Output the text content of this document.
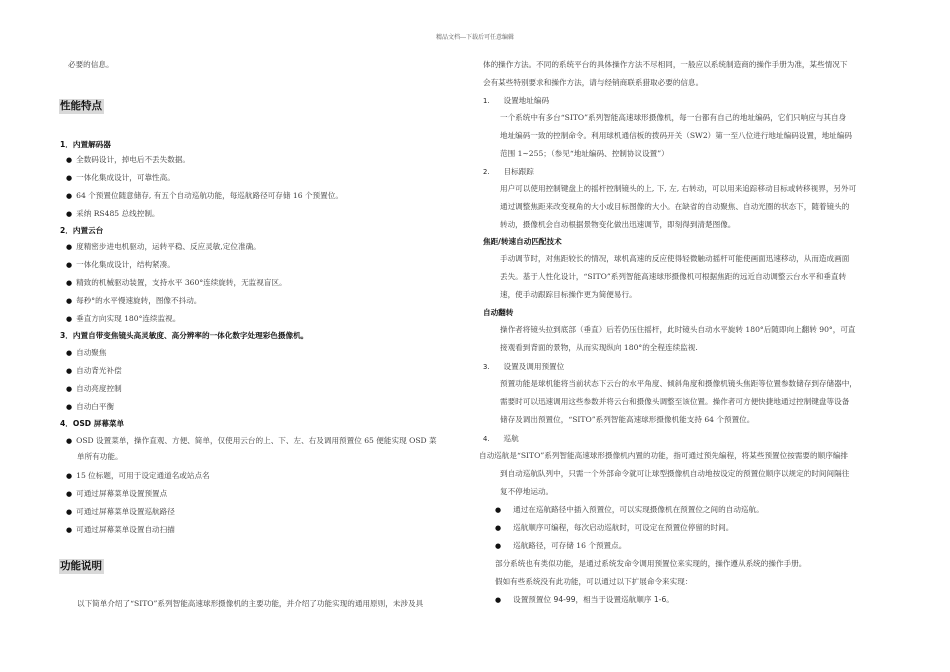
精品文档---下载后可任意编辑
必要的信息。
性能特点
1．内置解码器
● 全数码设计，掉电后不丢失数据。
● 一体化集成设计，可靠性高。
● 64 个预置位随意储存, 有五个自动巡航功能，每巡航路径可存储 16 个预置位。
● 采纳 RS485 总线控制。
2．内置云台
● 度精密步进电机驱动，运转平稳、反应灵敏,定位准确。
● 一体化集成设计，结构紧凑。
● 精致的机械驱动装置，支持水平 360°连续旋转，无监视盲区。
● 每秒°的水平慢速旋转，图像不抖动。
● 垂直方向实现 180°连续监视。
3．内置自带变焦镜头高灵敏度、高分辨率的一体化数字处理彩色摄像机。
● 自动聚焦
● 自动背光补偿
● 自动亮度控制
● 自动白平衡
4．OSD 屏幕菜单
● OSD 设置菜单，操作直观、方便、简单，仅使用云台的上、下、左、右及调用预置位 65 便能实现 OSD 菜
单所有功能。
● 15 位标题，可用于设定通道名或站点名
● 可通过屏幕菜单设置预置点
● 可通过屏幕菜单设置巡航路径
● 可通过屏幕菜单设置自动扫描
功能说明
以下简单介绍了“SITO”系列智能高速球形摄像机的主要功能，并介绍了功能实现的通用原则，未涉及具
体的操作方法。不同的系统平台的具体操作方法不尽相同，一般应以系统制造商的操作手册为准，某些情况下
会有某些特别要求和操作方法，请与经销商联系猎取必要的信息。
1. 设置地址编码
一个系统中有多台“SITO”系列智能高速球形摄像机，每一台都有自己的地址编码，它们只响应与其自身
地址编码一致的控制命令。利用球机通信板的拨码开关（SW2）第一至八位进行地址编码设置，地址编码
范围 1~255；（参见“地址编码、控制协议设置”）
2. 目标跟踪
用户可以使用控制键盘上的摇杆控制镜头的上, 下, 左, 右转动，可以用来追踪移动目标或转移视界，另外可
通过调整焦距来改变视角的大小或目标图像的大小。在缺省的自动聚焦、自动光圈的状态下，随着镜头的
转动，摄像机会自动根据景物变化做出迅速调节，即刻得到清楚图像。
焦距/转速自动匹配技术
手动调节时，对焦距较长的情况，球机高速的反应使得轻微触动摇杆可能使画面迅速移动，从而造成画面
丢失。基于人性化设计，“SITO”系列智能高速球形摄像机可根据焦距的远近自动调整云台水平和垂直转
速，使手动跟踪目标操作更为简便易行。
自动翻转
操作者将镜头拉到底部（垂直）后若仍压住摇杆，此时镜头自动水平旋转 180°后随即向上翻转 90°，可直
接观看到背面的景物，从而实现纵向 180°的全程连续监视.
3. 设置及调用预置位
预置功能是球机能将当前状态下云台的水平角度、倾斜角度和摄像机镜头焦距等位置参数储存到存储器中，
需要时可以迅速调用这些参数并将云台和摄像头调整至该位置。操作者可方便快捷地通过控制键盘等设备
储存及调出预置位，“SITO”系列智能高速球形摄像机能支持 64 个预置位。
4. 巡航
自动巡航是“SITO”系列智能高速球形摄像机内置的功能，指可通过预先编程，将某些预置位按需要的顺序编排
到自动巡航队列中，只需一个外部命令就可让球型摄像机自动地按设定的预置位顺序以规定的时间间隔往
复不停地运动。
● 通过在巡航路径中插入预置位，可以实现摄像机在预置位之间的自动巡航。
● 巡航顺序可编程，每次启动巡航时，可设定在预置位停留的时间。
● 巡航路径，可存储 16 个预置点。
部分系统也有类似功能，是通过系统发命令调用预置位来实现的，操作遵从系统的操作手册。
假如有些系统没有此功能，可以通过以下扩展命令来实现：
● 设置预置位 94-99，相当于设置巡航顺序 1-6。
